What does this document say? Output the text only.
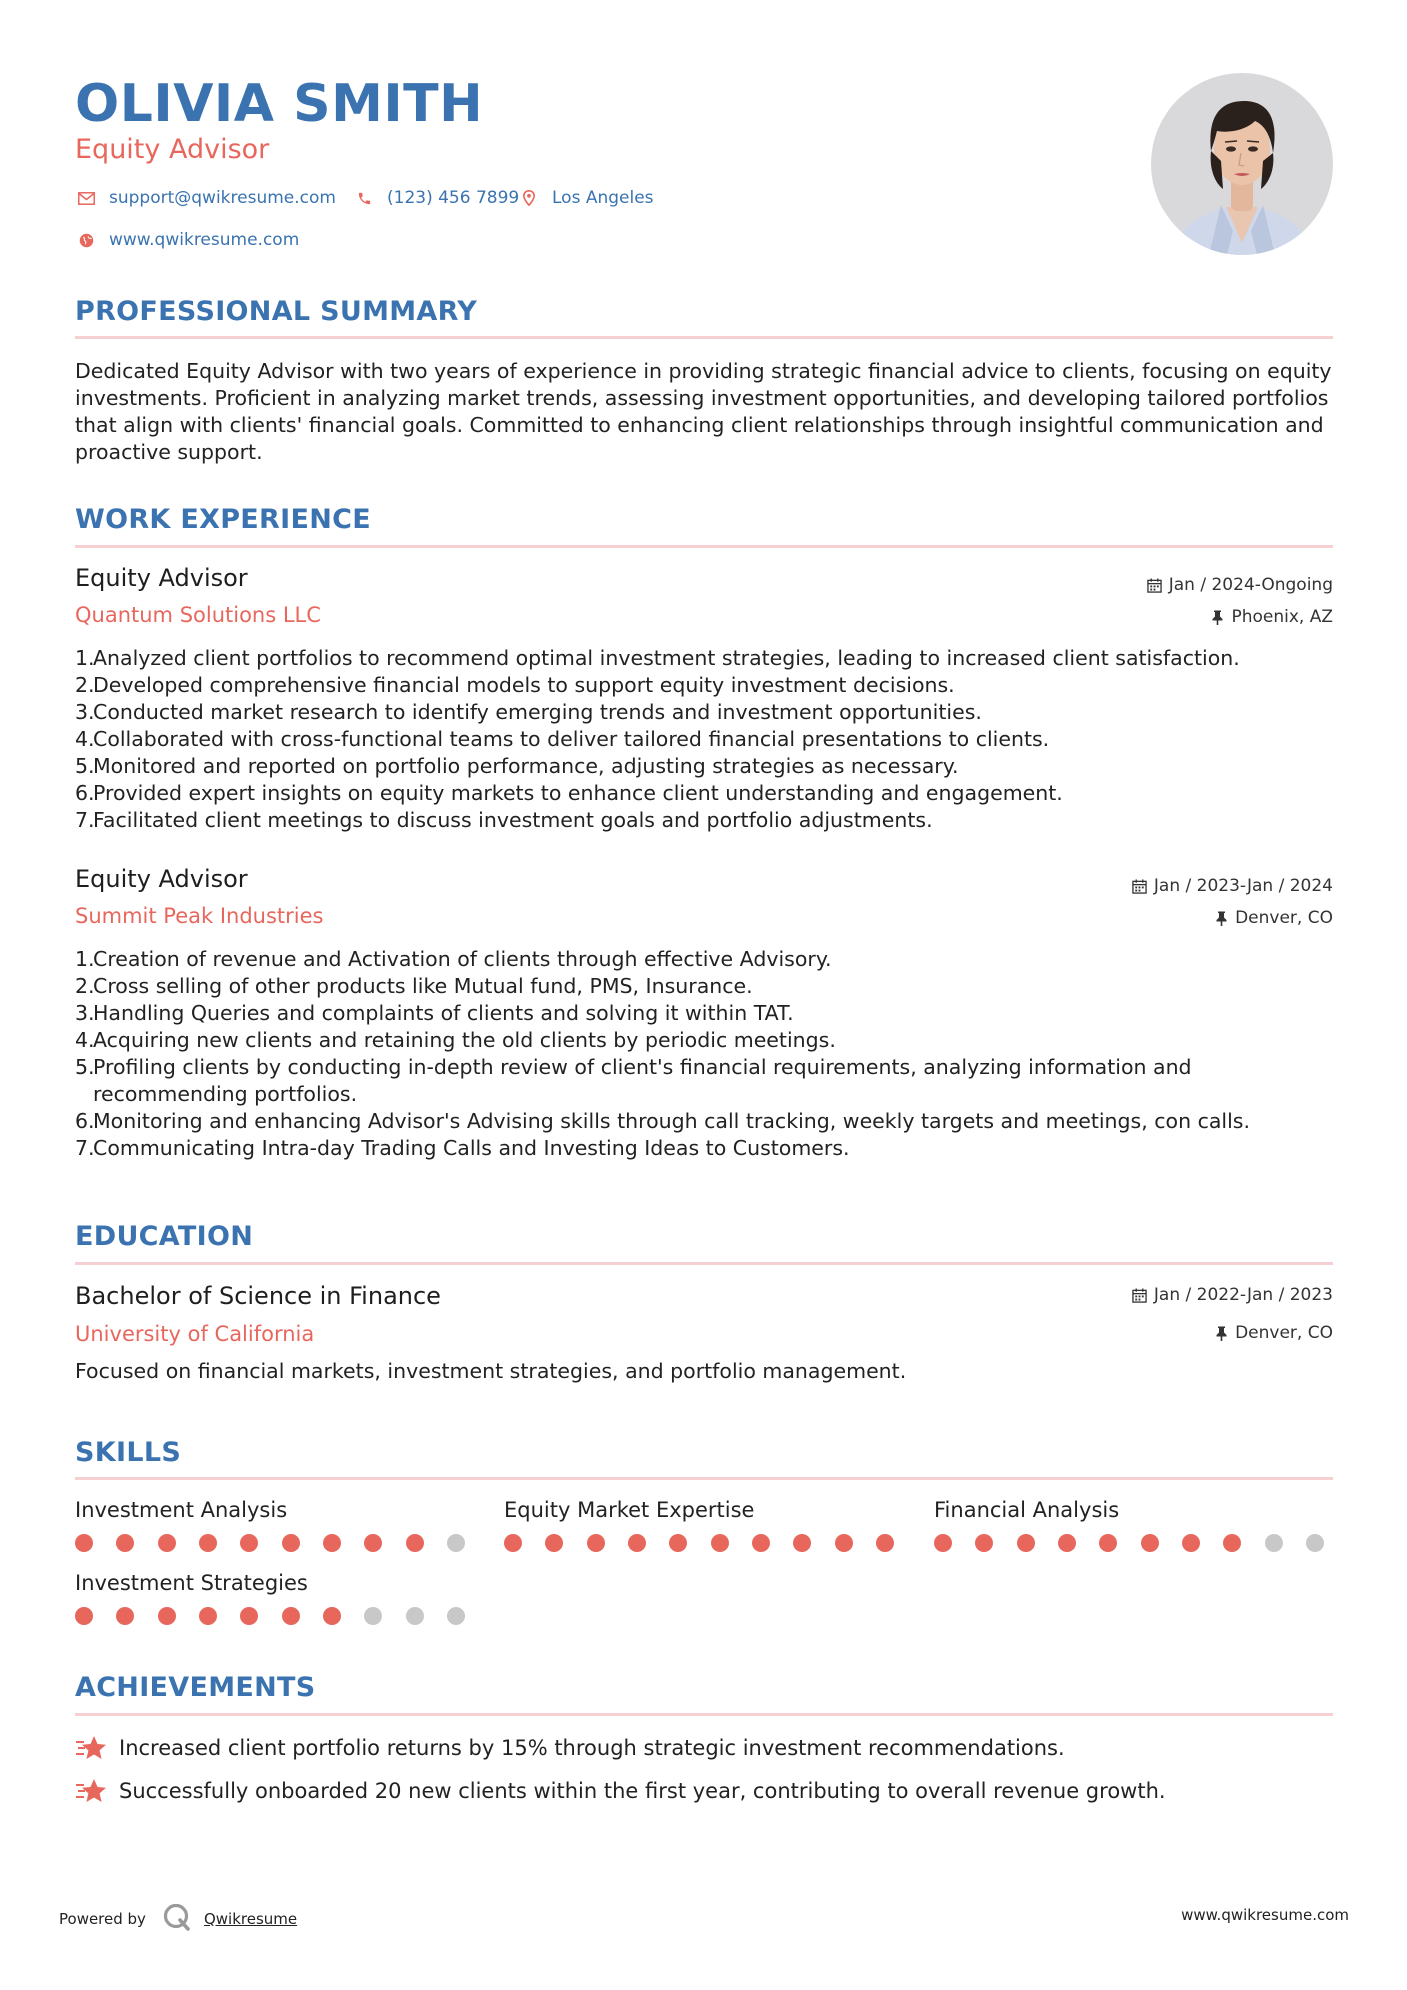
OLIVIA SMITH
Equity Advisor
support@qwikresume.com	(123) 456 7899 Los Angeles
www.qwikresume.com
PROFESSIONAL SUMMARY
Dedicated Equity Advisor with two years of experience in providing strategic financial advice to clients, focusing on equity investments. Proficient in analyzing market trends, assessing investment opportunities, and developing tailored portfolios that align with clients' financial goals. Committed to enhancing client relationships through insightful communication and proactive support.
WORK EXPERIENCE
Equity Advisor	Jan / 2024-Ongoing
Quantum Solutions LLC	Phoenix, AZ
Analyzed client portfolios to recommend optimal investment strategies, leading to increased client satisfaction.
Developed comprehensive financial models to support equity investment decisions.
Conducted market research to identify emerging trends and investment opportunities.
Collaborated with cross-functional teams to deliver tailored financial presentations to clients.
Monitored and reported on portfolio performance, adjusting strategies as necessary.
Provided expert insights on equity markets to enhance client understanding and engagement.
Facilitated client meetings to discuss investment goals and portfolio adjustments.
Equity Advisor	Jan / 2023-Jan / 2024
Summit Peak Industries	Denver, CO
Creation of revenue and Activation of clients through effective Advisory.
Cross selling of other products like Mutual fund, PMS, Insurance.
Handling Queries and complaints of clients and solving it within TAT.
Acquiring new clients and retaining the old clients by periodic meetings.
Profiling clients by conducting in-depth review of client's financial requirements, analyzing information and recommending portfolios.
Monitoring and enhancing Advisor's Advising skills through call tracking, weekly targets and meetings, con calls.
Communicating Intra-day Trading Calls and Investing Ideas to Customers.
EDUCATION
Bachelor of Science in Finance	Jan / 2022-Jan / 2023
University of California	Denver, CO
Focused on financial markets, investment strategies, and portfolio management.
SKILLS
Investment Analysis	Equity Market Expertise	Financial Analysis
Investment Strategies
ACHIEVEMENTS
Increased client portfolio returns by 15% through strategic investment recommendations.
Successfully onboarded 20 new clients within the first year, contributing to overall revenue growth.
Powered by	Qwikresume	www.qwikresume.com
